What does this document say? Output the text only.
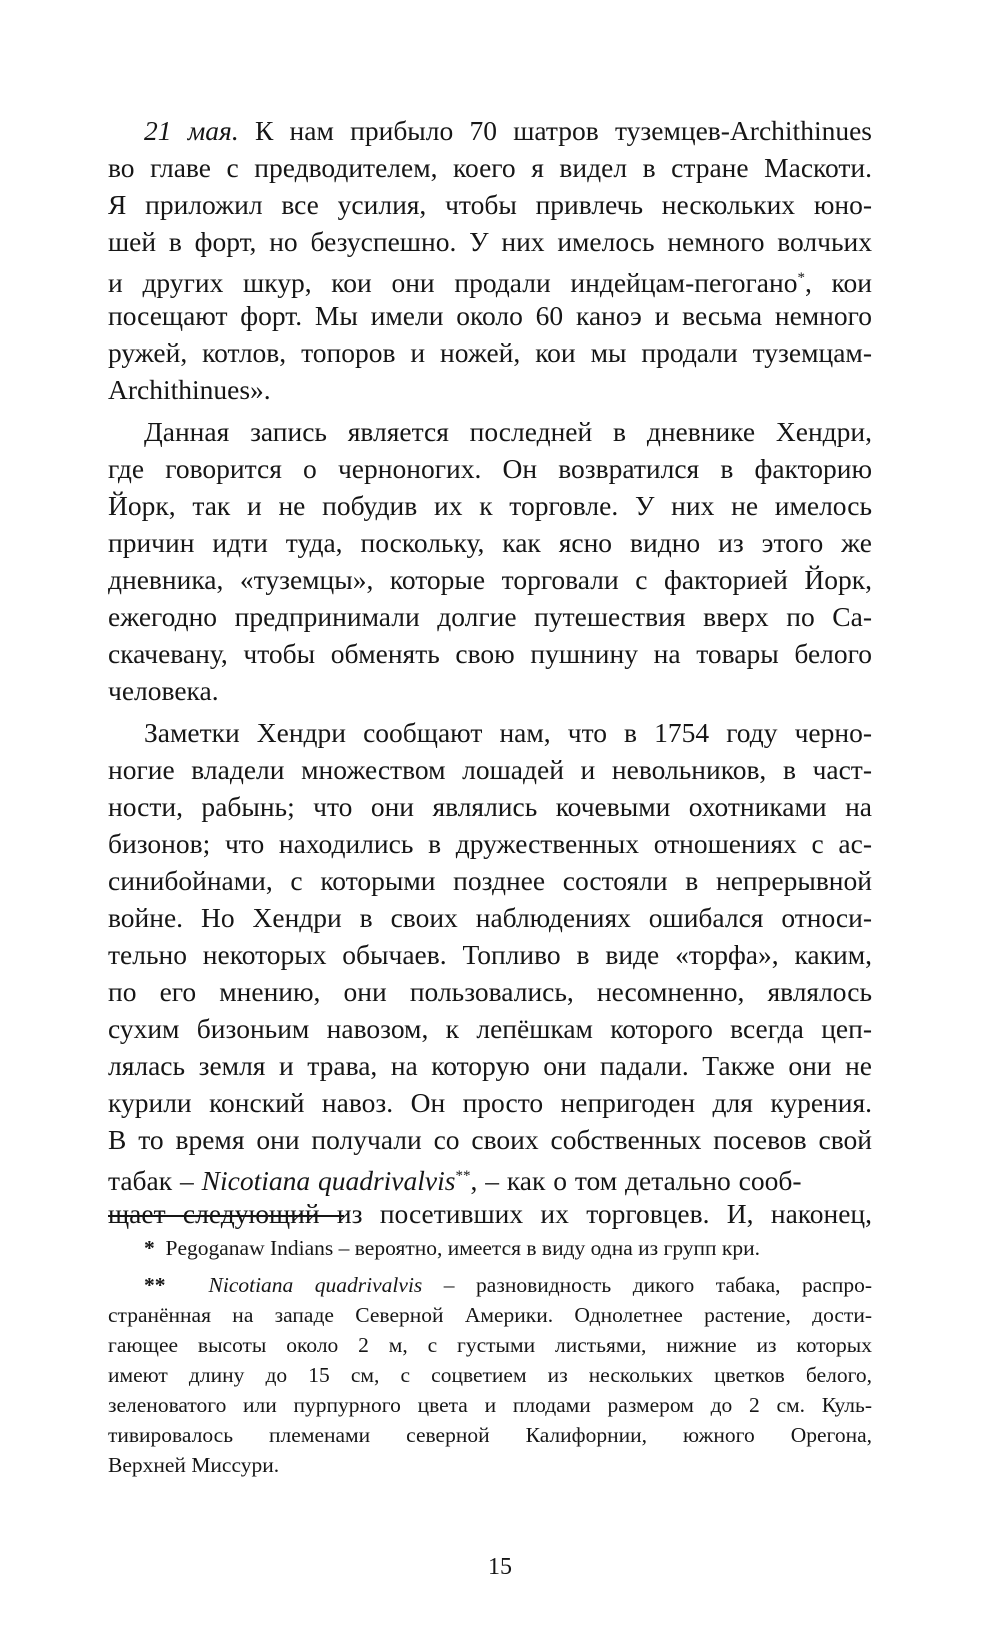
21 мая. К нам прибыло 70 шатров туземцев-Archithinues
во главе с предводителем, коего я видел в стране Маскоти.
Я приложил все усилия, чтобы привлечь нескольких юно-
шей в форт, но безуспешно. У них имелось немного волчьих
и других шкур, кои они продали индейцам-пегогано*, кои
посещают форт. Мы имели около 60 каноэ и весьма немного
ружей, котлов, топоров и ножей, кои мы продали туземцам-
Archithinues».
Данная запись является последней в дневнике Хендри,
где говорится о черноногих. Он возвратился в факторию
Йорк, так и не побудив их к торговле. У них не имелось
причин идти туда, поскольку, как ясно видно из этого же
дневника, «туземцы», которые торговали с факторией Йорк,
ежегодно предпринимали долгие путешествия вверх по Са-
скачевану, чтобы обменять свою пушнину на товары белого
человека.
Заметки Хендри сообщают нам, что в 1754 году черно-
ногие владели множеством лошадей и невольников, в част-
ности, рабынь; что они являлись кочевыми охотниками на
бизонов; что находились в дружественных отношениях с ас-
синибойнами, с которыми позднее состояли в непрерывной
войне. Но Хендри в своих наблюдениях ошибался относи-
тельно некоторых обычаев. Топливо в виде «торфа», каким,
по его мнению, они пользовались, несомненно, являлось
сухим бизоньим навозом, к лепёшкам которого всегда цеп-
лялась земля и трава, на которую они падали. Также они не
курили конский навоз. Он просто непригоден для курения.
В то время они получали со своих собственных посевов свой
табак – Nicotiana quadrivalvis**, – как о том детально сооб-
щает следующий из посетивших их торговцев. И, наконец,
* Pegoganaw Indians – вероятно, имеется в виду одна из групп кри.
** Nicotiana quadrivalvis – разновидность дикого табака, распро-
странённая на западе Северной Америки. Однолетнее растение, дости-
гающее высоты около 2 м, с густыми листьями, нижние из которых
имеют длину до 15 см, с соцветием из нескольких цветков белого,
зеленоватого или пурпурного цвета и плодами размером до 2 см. Куль-
тивировалось племенами северной Калифорнии, южного Орегона,
Верхней Миссури.
15
